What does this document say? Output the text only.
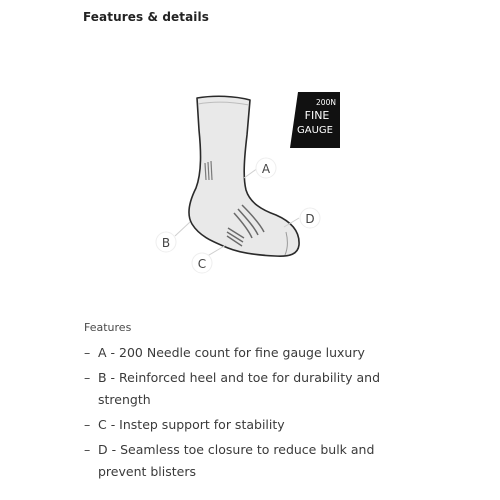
Features & details
A
B
C
D
200N
FINE
GAUGE
Features
– A - 200 Needle count for fine gauge luxury
– B - Reinforced heel and toe for durability and strength
– C - Instep support for stability
– D - Seamless toe closure to reduce bulk and prevent blisters
